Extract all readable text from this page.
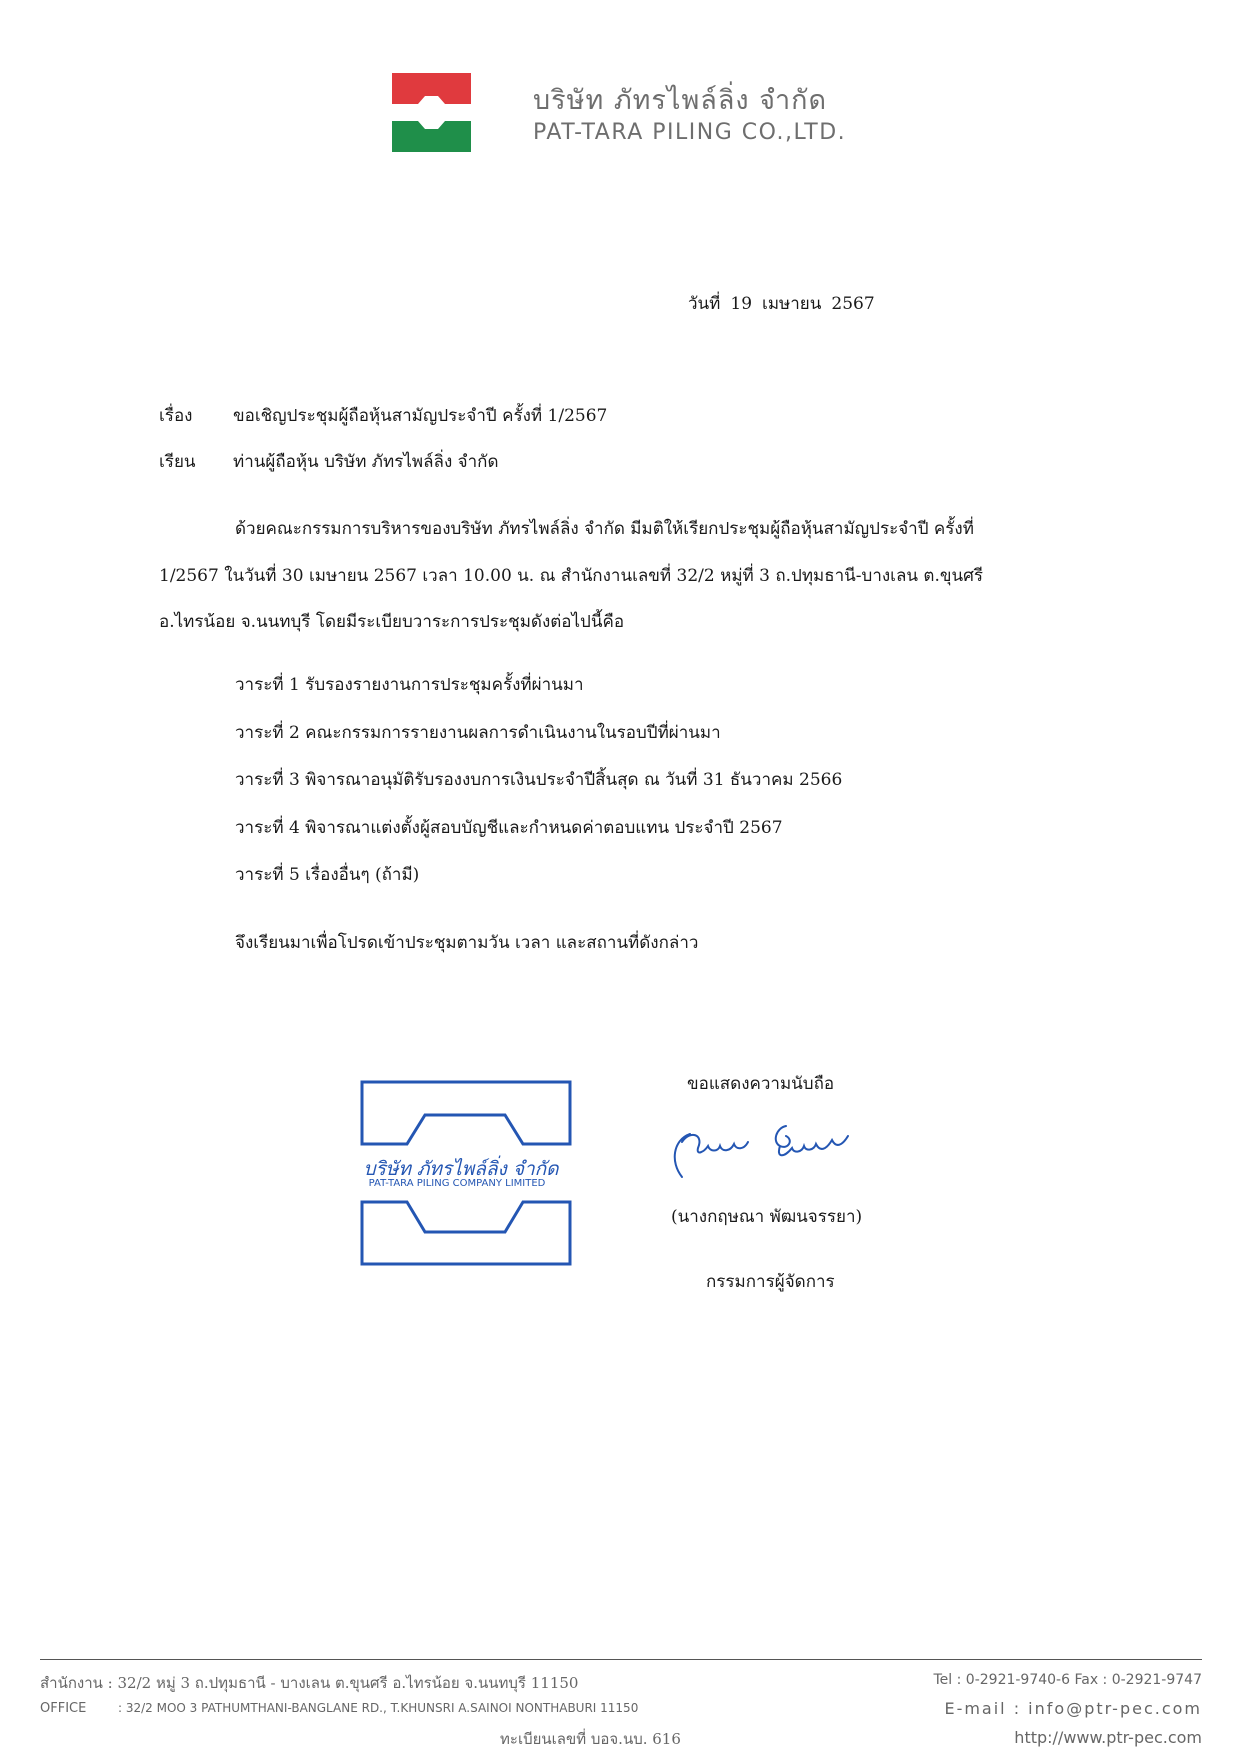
บริษัท ภัทรไพล์ลิ่ง จำกัด
PAT-TARA PILING CO.,LTD.
วันที่ 19 เมษายน 2567
เรื่อง ขอเชิญประชุมผู้ถือหุ้นสามัญประจำปี ครั้งที่ 1/2567
เรียน ท่านผู้ถือหุ้น บริษัท ภัทรไพล์ลิ่ง จำกัด
ด้วยคณะกรรมการบริหารของบริษัท ภัทรไพล์ลิ่ง จำกัด มีมติให้เรียกประชุมผู้ถือหุ้นสามัญประจำปี ครั้งที่
1/2567 ในวันที่ 30 เมษายน 2567 เวลา 10.00 น. ณ สำนักงานเลขที่ 32/2 หมู่ที่ 3 ถ.ปทุมธานี-บางเลน ต.ขุนศรี
อ.ไทรน้อย จ.นนทบุรี โดยมีระเบียบวาระการประชุมดังต่อไปนี้คือ
วาระที่ 1 รับรองรายงานการประชุมครั้งที่ผ่านมา
วาระที่ 2 คณะกรรมการรายงานผลการดำเนินงานในรอบปีที่ผ่านมา
วาระที่ 3 พิจารณาอนุมัติรับรองงบการเงินประจำปีสิ้นสุด ณ วันที่ 31 ธันวาคม 2566
วาระที่ 4 พิจารณาแต่งตั้งผู้สอบบัญชีและกำหนดค่าตอบแทน ประจำปี 2567
วาระที่ 5 เรื่องอื่นๆ (ถ้ามี)
จึงเรียนมาเพื่อโปรดเข้าประชุมตามวัน เวลา และสถานที่ดังกล่าว
บริษัท ภัทรไพล์ลิ่ง จำกัด
PAT-TARA PILING COMPANY LIMITED
ขอแสดงความนับถือ
(นางกฤษณา พัฒนจรรยา)
กรรมการผู้จัดการ
สำนักงาน : 32/2 หมู่ 3 ถ.ปทุมธานี - บางเลน ต.ขุนศรี อ.ไทรน้อย จ.นนทบุรี 11150
OFFICE	: 32/2 MOO 3 PATHUMTHANI-BANGLANE RD., T.KHUNSRI A.SAINOI NONTHABURI 11150
ทะเบียนเลขที่ บอจ.นบ. 616
Tel : 0-2921-9740-6 Fax : 0-2921-9747
E-mail : info@ptr-pec.com
http://www.ptr-pec.com
